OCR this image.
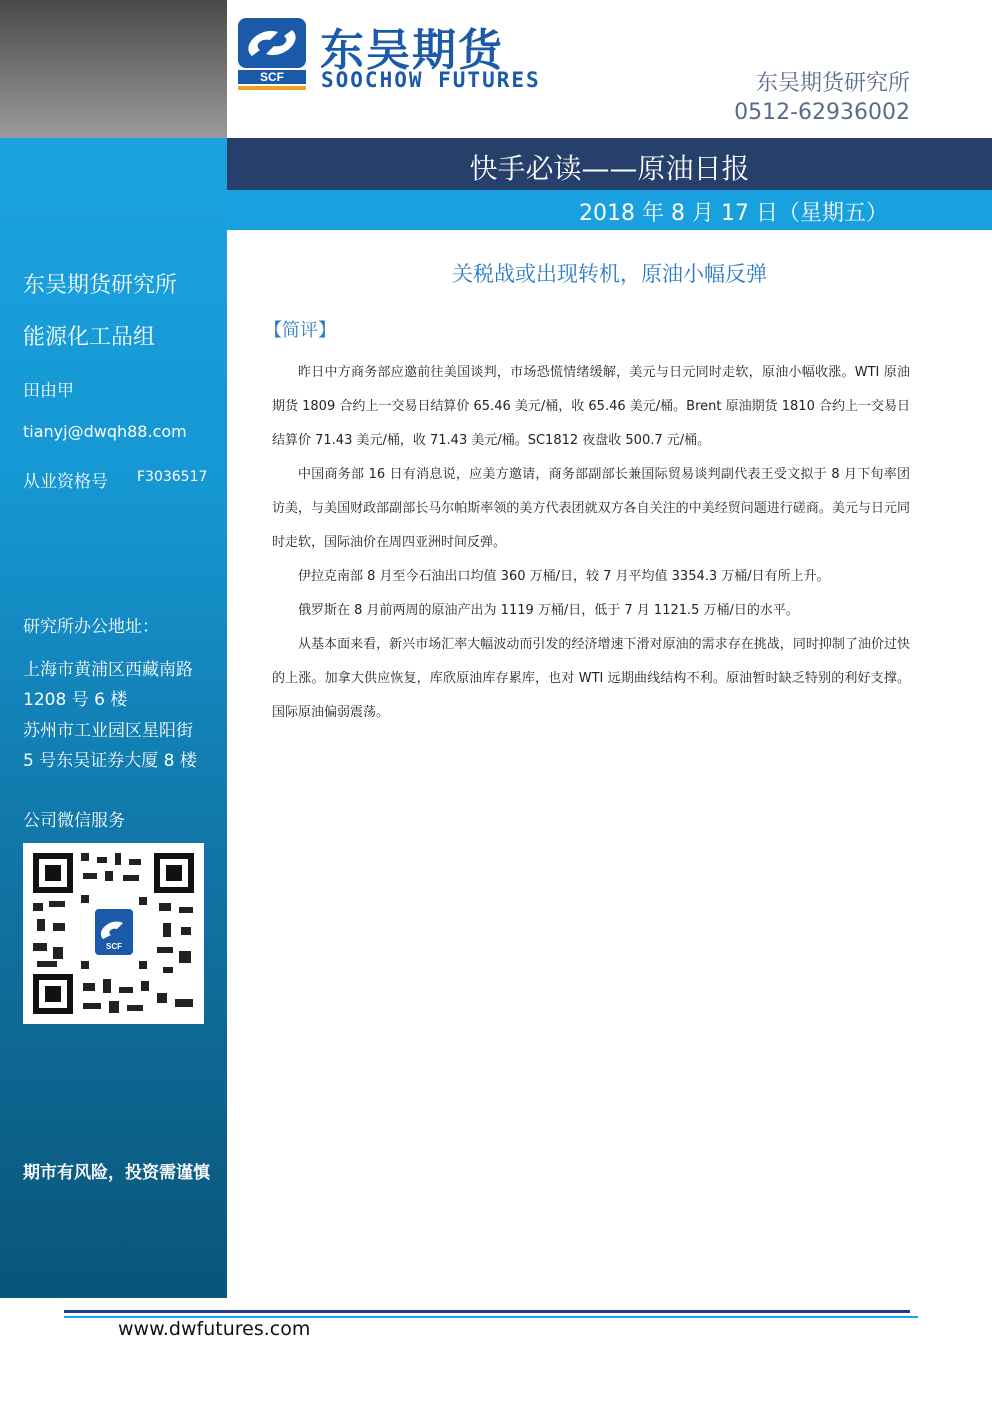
SCF
东吴期货
SOOCHOW FUTURES	东吴期货研究所
0512-62936002
快手必读——原油日报
2018 年 8 月 17 日（星期五）
东吴期货研究所
能源化工品组
田由甲
tianyj@dwqh88.com
从业资格号 F3036517
研究所办公地址：
上海市黄浦区西藏南路
1208 号 6 楼
苏州市工业园区星阳街
5 号东吴证券大厦 8 楼
公司微信服务
SCF
期市有风险，投资需谨慎
关税战或出现转机，原油小幅反弹
【简评】

昨日中方商务部应邀前往美国谈判，市场恐慌情绪缓解，美元与日元同时走软，原油小幅收涨。WTI 原油期货 1809 合约上一交易日结算价 65.46 美元/桶，收 65.46 美元/桶。Brent 原油期货 1810 合约上一交易日结算价 71.43 美元/桶，收 71.43 美元/桶。SC1812 夜盘收 500.7 元/桶。

中国商务部 16 日有消息说，应美方邀请，商务部副部长兼国际贸易谈判副代表王受文拟于 8 月下旬率团访美，与美国财政部副部长马尔帕斯率领的美方代表团就双方各自关注的中美经贸问题进行磋商。美元与日元同时走软，国际油价在周四亚洲时间反弹。

伊拉克南部 8 月至今石油出口均值 360 万桶/日，较 7 月平均值 3354.3 万桶/日有所上升。

俄罗斯在 8 月前两周的原油产出为 1119 万桶/日，低于 7 月 1121.5 万桶/日的水平。

从基本面来看，新兴市场汇率大幅波动而引发的经济增速下滑对原油的需求存在挑战，同时抑制了油价过快的上涨。加拿大供应恢复，库欣原油库存累库，也对 WTI 远期曲线结构不利。原油暂时缺乏特别的利好支撑。国际原油偏弱震荡。

www.dwfutures.com
